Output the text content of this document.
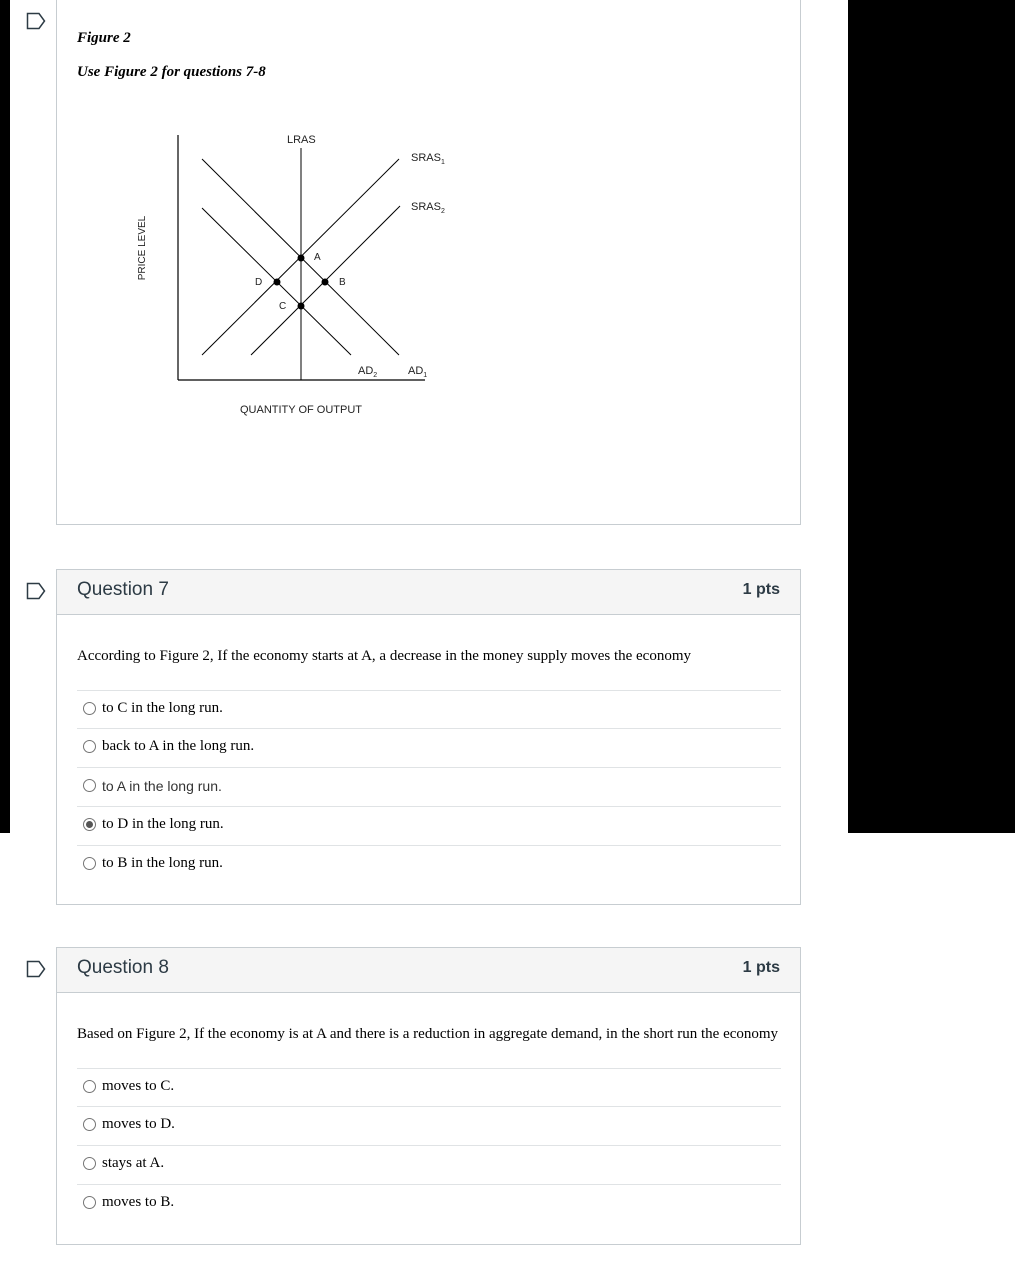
Figure 2
Use Figure 2 for questions 7-8
A
B
D
C
LRAS
$SRAS_1$
$SRAS_2$
$AD_2$	$AD_1$
PRICE LEVEL
QUANTITY OF OUTPUT
Question 7	1 pts
According to Figure 2, If the economy starts at A, a decrease in the money supply moves the economy
to C in the long run.
back to A in the long run.
to A in the long run.
to D in the long run.
to B in the long run.
Question 8	1 pts
Based on Figure 2, If the economy is at A and there is a reduction in aggregate demand, in the short run the economy
moves to C.
moves to D.
stays at A.
moves to B.
